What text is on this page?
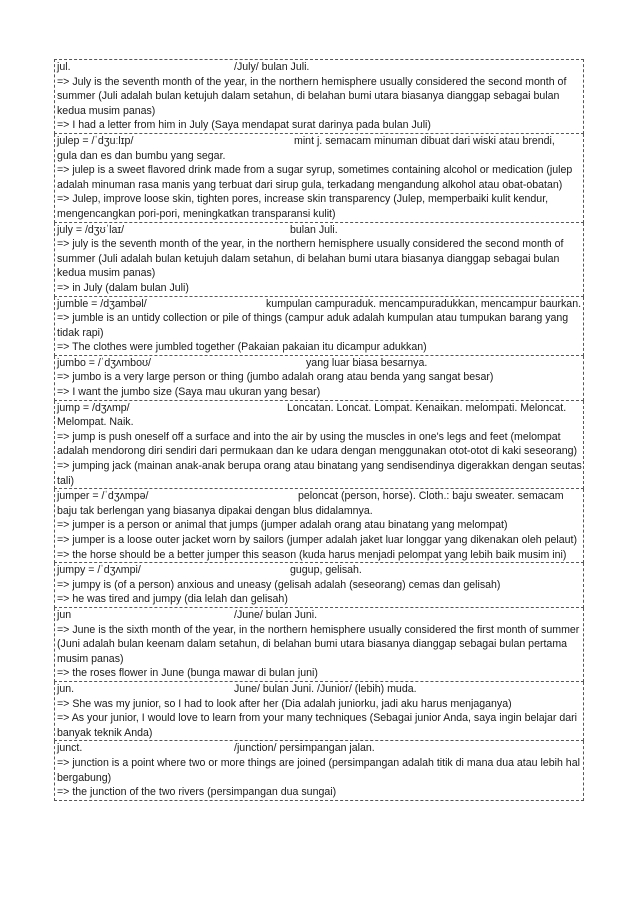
jul.	/July/ bulan Juli.
=> July is the seventh month of the year, in the northern hemisphere usually considered the second month of summer (Juli adalah bulan ketujuh dalam setahun, di belahan bumi utara biasanya dianggap sebagai bulan kedua musim panas)
=> I had a letter from him in July (Saya mendapat surat darinya pada bulan Juli)
julep = /ˈdʒuːlɪp/	mint j. semacam minuman dibuat dari wiski atau brendi,
gula dan es dan bumbu yang segar.
=> julep is a sweet flavored drink made from a sugar syrup, sometimes containing alcohol or medication (julep adalah minuman rasa manis yang terbuat dari sirup gula, terkadang mengandung alkohol atau obat-obatan)
=> Julep, improve loose skin, tighten pores, increase skin transparency (Julep, memperbaiki kulit kendur, mengencangkan pori-pori, meningkatkan transparansi kulit)
july = /dʒʊˈlaɪ/	bulan Juli.
=> july is the seventh month of the year, in the northern hemisphere usually considered the second month of summer (Juli adalah bulan ketujuh dalam setahun, di belahan bumi utara biasanya dianggap sebagai bulan kedua musim panas)
=> in July (dalam bulan Juli)
jumble = /dʒambəl/	kumpulan campuraduk. mencampuradukkan, mencampur baurkan.
=> jumble is an untidy collection or pile of things (campur aduk adalah kumpulan atau tumpukan barang yang tidak rapi)
=> The clothes were jumbled together (Pakaian pakaian itu dicampur adukkan)
jumbo = /ˈdʒʌmboʊ/	yang luar biasa besarnya.
=> jumbo is a very large person or thing (jumbo adalah orang atau benda yang sangat besar)
=> I want the jumbo size (Saya mau ukuran yang besar)
jump = /dʒʌmp/	Loncatan. Loncat. Lompat. Kenaikan. melompati. Meloncat.
Melompat. Naik.
=> jump is push oneself off a surface and into the air by using the muscles in one's legs and feet (melompat adalah mendorong diri sendiri dari permukaan dan ke udara dengan menggunakan otot-otot di kaki seseorang)
=> jumping jack (mainan anak-anak berupa orang atau binatang yang sendisendinya digerakkan dengan seutas tali)
jumper = /ˈdʒʌmpə/	peloncat (person, horse). Cloth.: baju sweater. semacam
baju tak berlengan yang biasanya dipakai dengan blus didalamnya.
=> jumper is a person or animal that jumps (jumper adalah orang atau binatang yang melompat)
=> jumper is a loose outer jacket worn by sailors (jumper adalah jaket luar longgar yang dikenakan oleh pelaut)
=> the horse should be a better jumper this season (kuda harus menjadi pelompat yang lebih baik musim ini)
jumpy = /ˈdʒʌmpi/	gugup, gelisah.
=> jumpy is (of a person) anxious and uneasy (gelisah adalah (seseorang) cemas dan gelisah)
=> he was tired and jumpy (dia lelah dan gelisah)
jun	/June/ bulan Juni.
=> June is the sixth month of the year, in the northern hemisphere usually considered the first month of summer (Juni adalah bulan keenam dalam setahun, di belahan bumi utara biasanya dianggap sebagai bulan pertama musim panas)
=> the roses flower in June (bunga mawar di bulan juni)
jun.	June/ bulan Juni. /Junior/ (lebih) muda.
=> She was my junior, so I had to look after her (Dia adalah juniorku, jadi aku harus menjaganya)
=> As your junior, I would love to learn from your many techniques (Sebagai junior Anda, saya ingin belajar dari banyak teknik Anda)
junct.	/junction/ persimpangan jalan.
=> junction is a point where two or more things are joined (persimpangan adalah titik di mana dua atau lebih hal bergabung)
=> the junction of the two rivers (persimpangan dua sungai)
